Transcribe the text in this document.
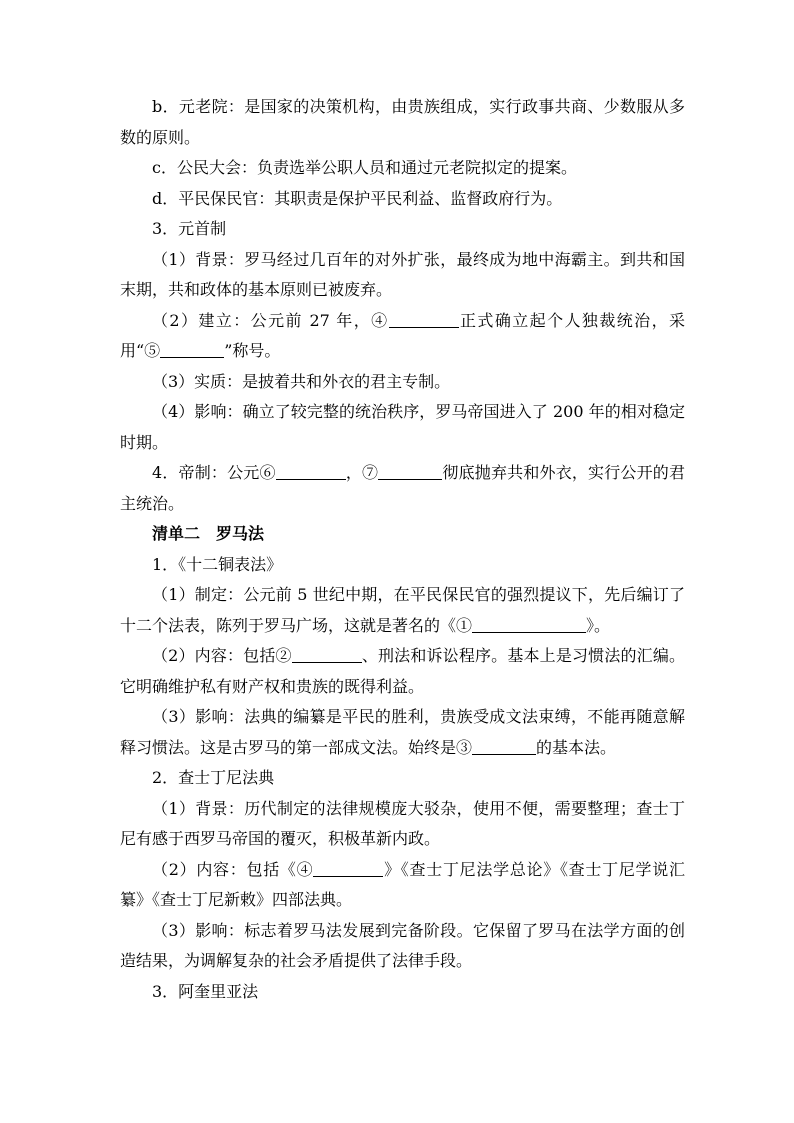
b．元老院：是国家的决策机构，由贵族组成，实行政事共商、少数服从多数的原则。

c．公民大会：负责选举公职人员和通过元老院拟定的提案。

d．平民保民官：其职责是保护平民利益、监督政府行为。

3．元首制

（1）背景：罗马经过几百年的对外扩张，最终成为地中海霸主。到共和国末期，共和政体的基本原则已被废弃。

（2）建立：公元前 27 年，④	正式确立起个人独裁统治，采用“⑤	”称号。

（3）实质：是披着共和外衣的君主专制。

（4）影响：确立了较完整的统治秩序，罗马帝国进入了 200 年的相对稳定时期。

4．帝制：公元⑥	，⑦	彻底抛弃共和外衣，实行公开的君主统治。

清单二　罗马法

1．《十二铜表法》

（1）制定：公元前 5 世纪中期，在平民保民官的强烈提议下，先后编订了十二个法表，陈列于罗马广场，这就是著名的《①	》。

（2）内容：包括②	、刑法和诉讼程序。基本上是习惯法的汇编。它明确维护私有财产权和贵族的既得利益。

（3）影响：法典的编纂是平民的胜利，贵族受成文法束缚，不能再随意解释习惯法。这是古罗马的第一部成文法。始终是③	的基本法。

2．查士丁尼法典

（1）背景：历代制定的法律规模庞大驳杂，使用不便，需要整理；查士丁尼有感于西罗马帝国的覆灭，积极革新内政。

（2）内容：包括《④	》《查士丁尼法学总论》《查士丁尼学说汇纂》《查士丁尼新敕》四部法典。

（3）影响：标志着罗马法发展到完备阶段。它保留了罗马在法学方面的创造结果，为调解复杂的社会矛盾提供了法律手段。

3．阿奎里亚法
